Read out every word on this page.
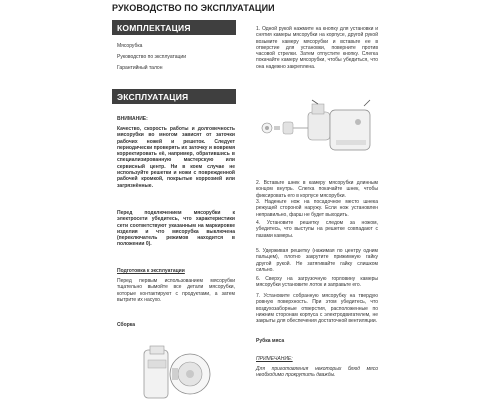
РУКОВОДСТВО ПО ЭКСПЛУАТАЦИИ
КОМПЛЕКТАЦИЯ
Мясорубка
Руководство по эксплуатации
Гарантийный талон
ЭКСПЛУАТАЦИЯ
ВНИМАНИЕ:
Качество, скорость работы и долговечность мясорубки во многом зависят от заточки рабочих ножей и решеток. Следует периодически проверять их заточку и вовремя корректировать её, например, обратившись в специализированную мастерскую или сервисный центр. Ни в коем случае не используйте решетки и ножи с поврежденной рабочей кромкой, покрытые коррозией или загрязнённые.
Перед подключением мясорубки к электросети убедитесь, что характеристики сети соответствуют указанным на маркировке изделия и что мясорубка выключена (переключатель режимов находится в положении 0).
Подготовка к эксплуатации
Перед первым использованием мясорубки тщательно вымойте все детали мясорубки, которые контактируют с продуктами, а затем вытрите их насухо.
Сборка
1. Одной рукой нажмите на кнопку для установки и снятия камеры мясорубки на корпусе, другой рукой возьмите камеру мясорубки и вставьте ее в отверстие для установки, поверните против часовой стрелки. Затем отпустите кнопку. Слегка покачайте камеру мясорубки, чтобы убедиться, что она надежно закреплена.
2. Вставьте шнек в камеру мясорубки длинным концом внутрь. Слегка покачайте шнек, чтобы фиксировать его в корпусе мясорубки.
3. Наденьте нож на посадочное место шнека режущей стороной наружу. Если нож установлен неправильно, фарш не будет выходить.
4. Установите решетку следом за ножом, убедитесь, что выступы на решетке совпадают с пазами камеры.
5. Удерживая решетку (нажимая по центру одним пальцем), плотно закрутите прижимную гайку другой рукой. Не затягивайте гайку слишком сильно.
6. Сверху на загрузочную горловину камеры мясорубки установите лоток и заправьте его.
7. Установите собранную мясорубку на твердую ровную поверхность. При этом убедитесь, что воздухозаборные отверстия, расположенные по нижним сторонам корпуса с электродвигателем, не закрыты для обеспечения достаточной вентиляции.
Рубка мяса
ПРИМЕЧАНИЕ:
Для приготовления некоторых блюд мясо необходимо прокрутить дважды.
